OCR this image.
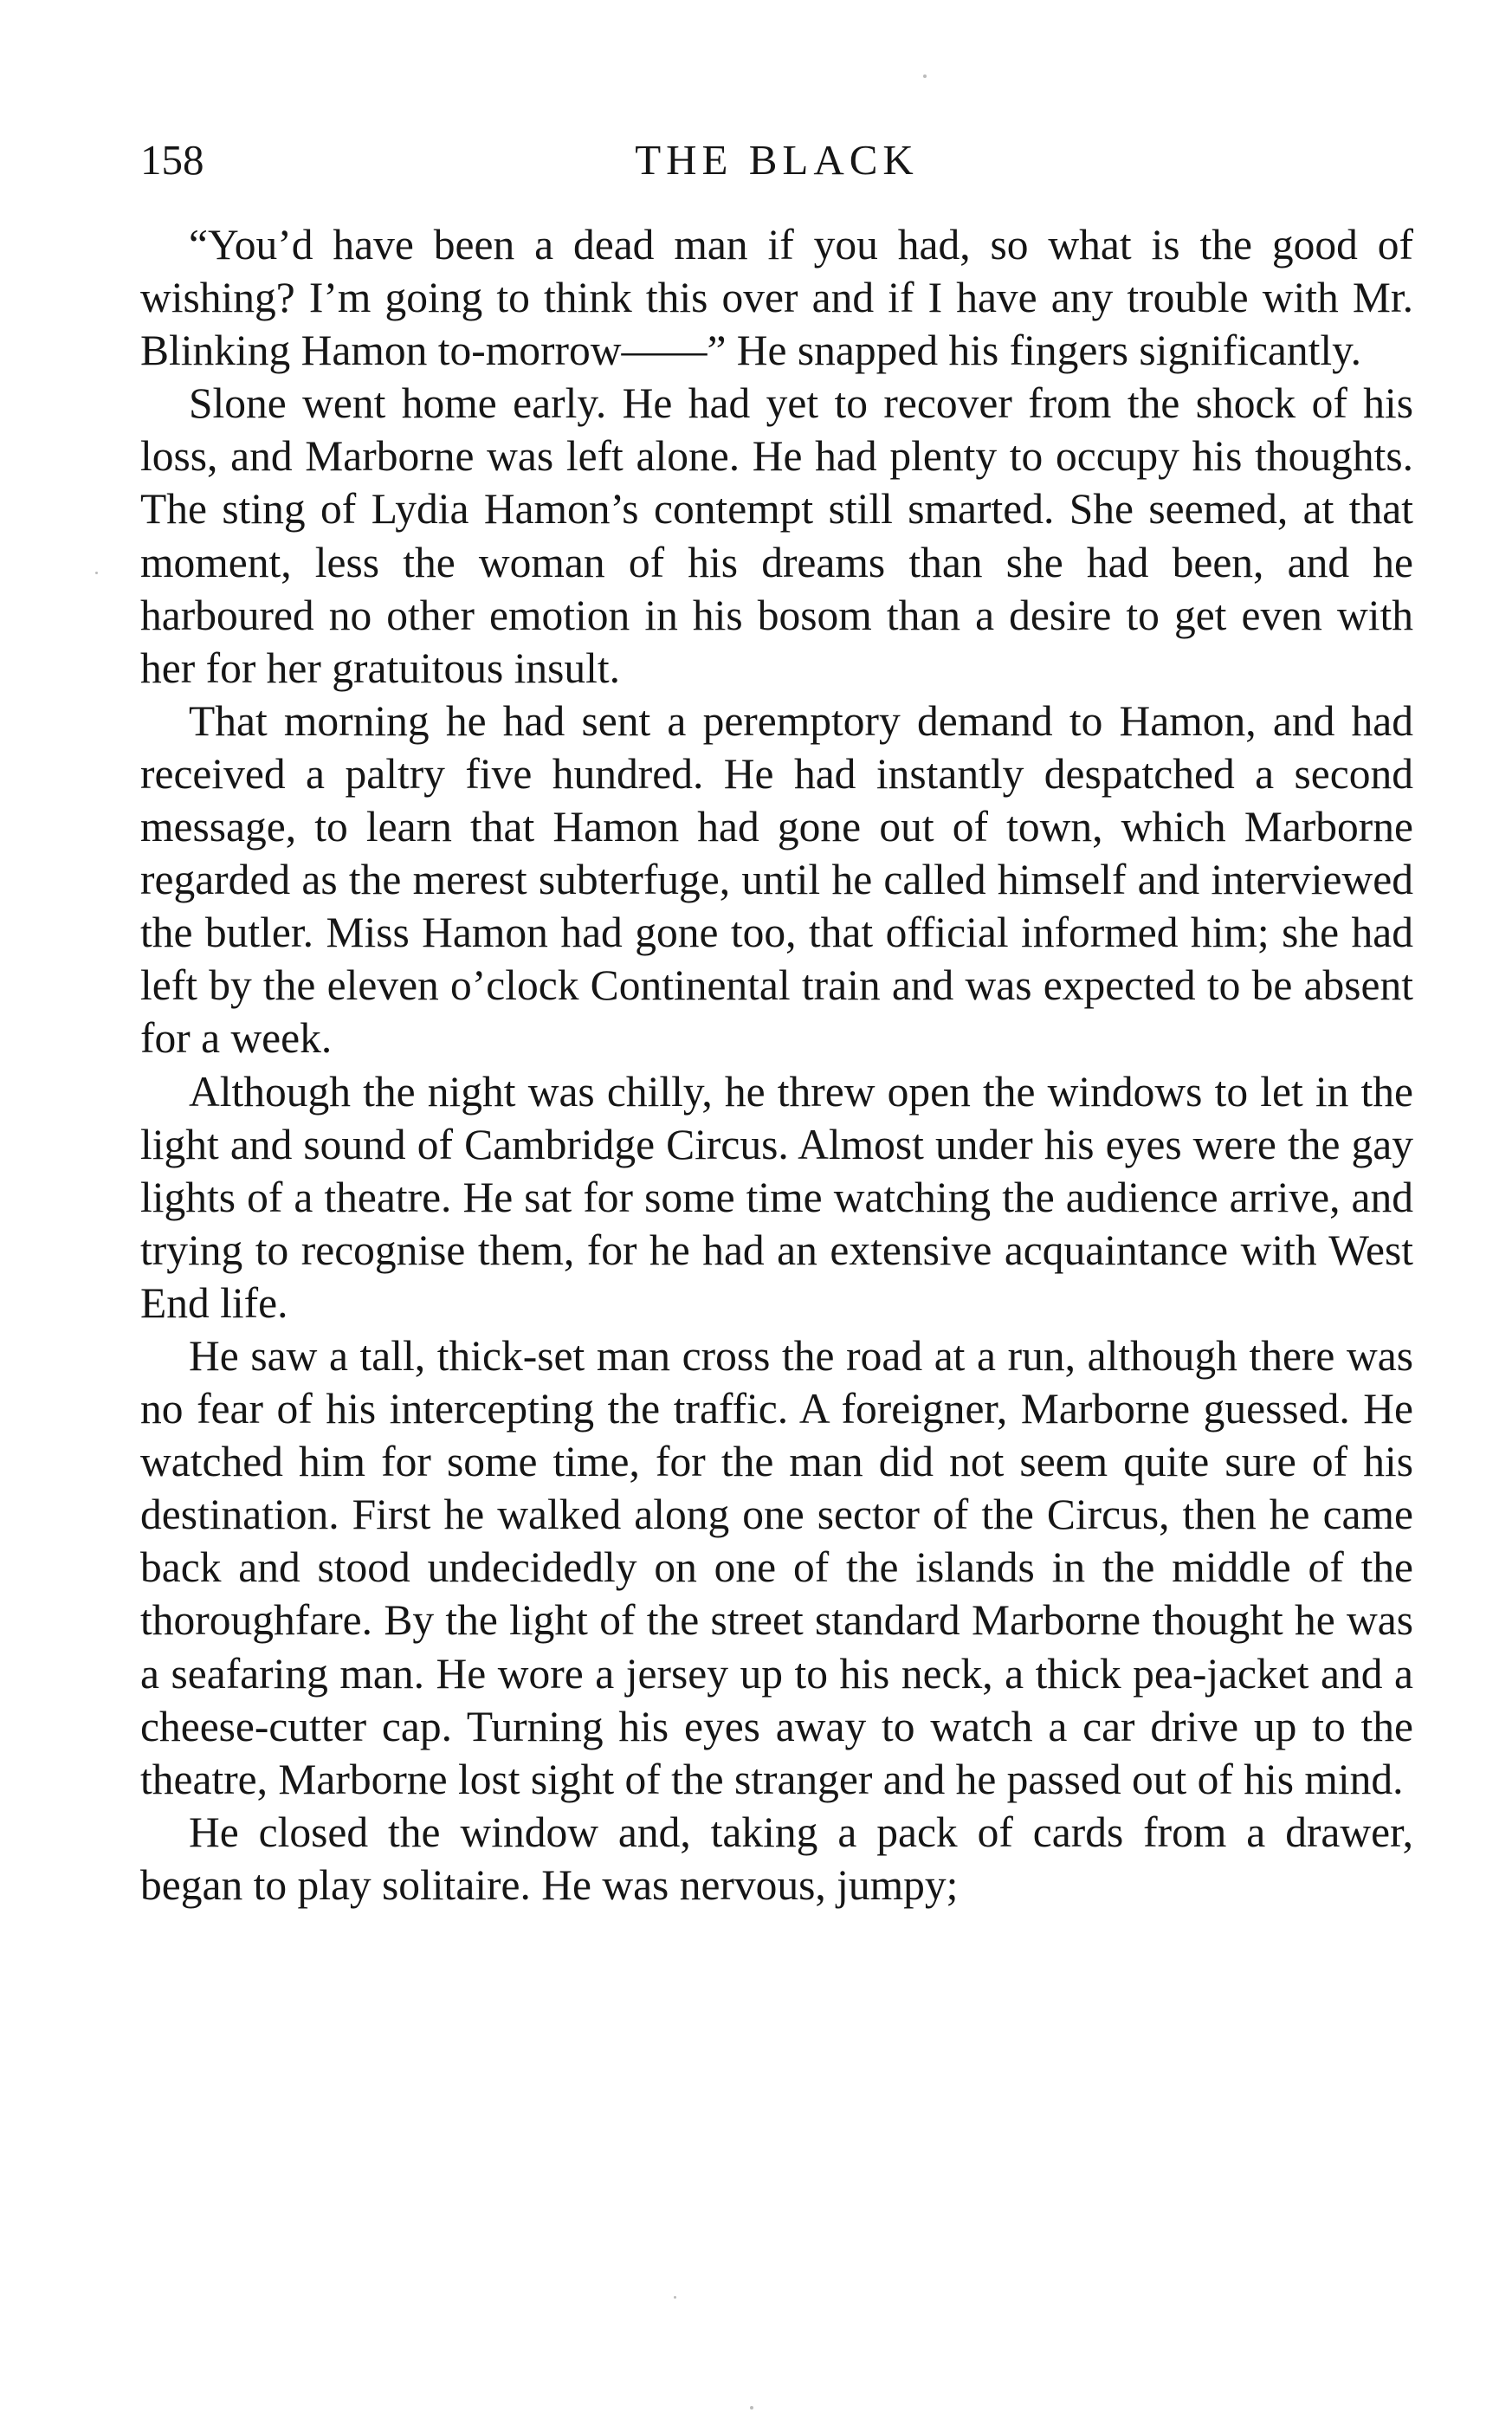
158	THE BLACK

“You’d have been a dead man if you had, so what is the good of wishing? I’m going to think this over and if I have any trouble with Mr. Blinking Hamon to-morrow——” He snapped his fingers significantly.

Slone went home early. He had yet to recover from the shock of his loss, and Marborne was left alone. He had plenty to occupy his thoughts. The sting of Lydia Hamon’s contempt still smarted. She seemed, at that moment, less the woman of his dreams than she had been, and he harboured no other emotion in his bosom than a desire to get even with her for her gratuitous insult.

That morning he had sent a peremptory demand to Hamon, and had received a paltry five hundred. He had instantly despatched a second message, to learn that Hamon had gone out of town, which Marborne regarded as the merest subterfuge, until he called himself and interviewed the butler. Miss Hamon had gone too, that official informed him; she had left by the eleven o’clock Continental train and was expected to be absent for a week.

Although the night was chilly, he threw open the windows to let in the light and sound of Cambridge Circus. Almost under his eyes were the gay lights of a theatre. He sat for some time watching the audience arrive, and trying to recognise them, for he had an extensive acquaintance with West End life.

He saw a tall, thick-set man cross the road at a run, although there was no fear of his intercepting the traffic. A foreigner, Marborne guessed. He watched him for some time, for the man did not seem quite sure of his destination. First he walked along one sector of the Circus, then he came back and stood undecidedly on one of the islands in the middle of the thoroughfare. By the light of the street standard Marborne thought he was a seafaring man. He wore a jersey up to his neck, a thick pea-jacket and a cheese-cutter cap. Turning his eyes away to watch a car drive up to the theatre, Marborne lost sight of the stranger and he passed out of his mind.

He closed the window and, taking a pack of cards from a drawer, began to play solitaire. He was nervous, jumpy;
